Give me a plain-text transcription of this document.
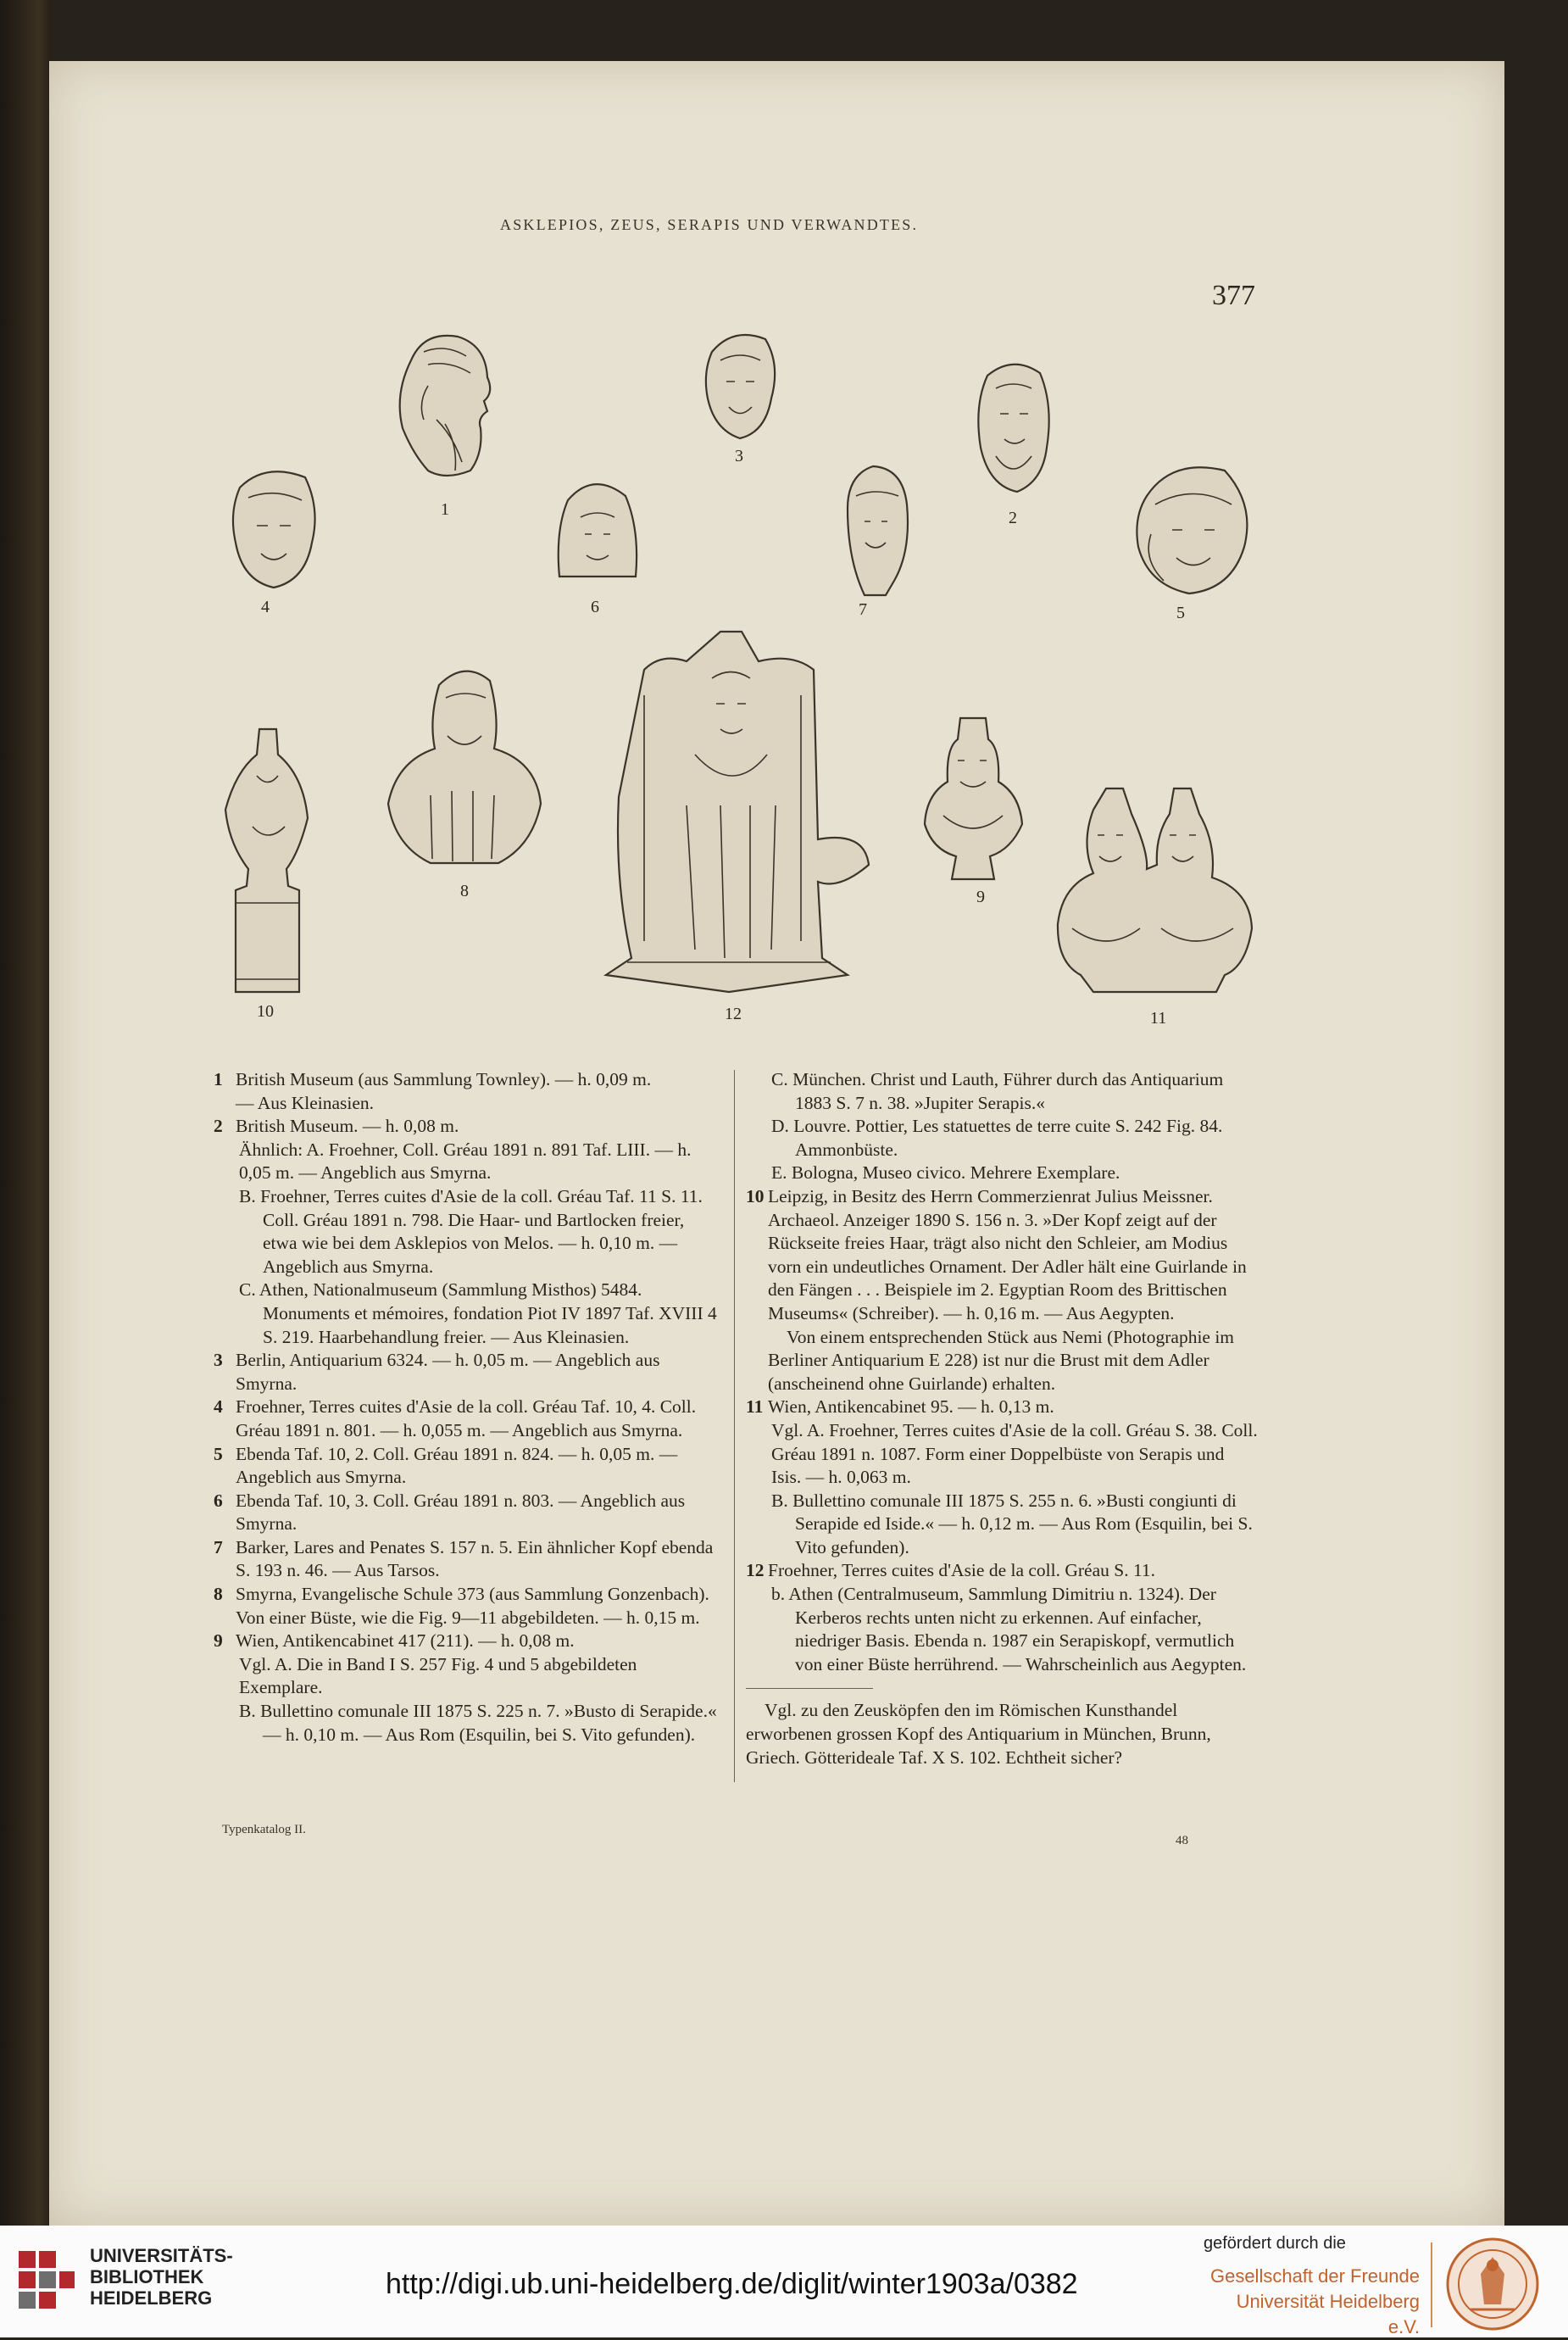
ASKLEPIOS, ZEUS, SERAPIS UND VERWANDTES.
377
1	2
3
4	5
6	7
8
10	12
9
11
1 British Museum (aus Sammlung Townley). — h. 0,09 m.
— Aus Kleinasien.
2 British Museum. — h. 0,08 m.
Ähnlich: A. Froehner, Coll. Gréau 1891 n. 891 Taf. LIII. — h. 0,05 m. — Angeblich aus Smyrna.
B. Froehner, Terres cuites d'Asie de la coll. Gréau Taf. 11 S. 11. Coll. Gréau 1891 n. 798. Die Haar- und Bartlocken freier, etwa wie bei dem Asklepios von Melos. — h. 0,10 m. — Angeblich aus Smyrna.
C. Athen, Nationalmuseum (Sammlung Misthos) 5484. Monuments et mémoires, fondation Piot IV 1897 Taf. XVIII 4 S. 219. Haarbehandlung freier. — Aus Kleinasien.
3 Berlin, Antiquarium 6324. — h. 0,05 m. — Angeblich aus Smyrna.
4 Froehner, Terres cuites d'Asie de la coll. Gréau Taf. 10, 4. Coll. Gréau 1891 n. 801. — h. 0,055 m. — Angeblich aus Smyrna.
5 Ebenda Taf. 10, 2. Coll. Gréau 1891 n. 824. — h. 0,05 m. — Angeblich aus Smyrna.
6 Ebenda Taf. 10, 3. Coll. Gréau 1891 n. 803. — Angeblich aus Smyrna.
7 Barker, Lares and Penates S. 157 n. 5. Ein ähnlicher Kopf ebenda S. 193 n. 46. — Aus Tarsos.
8 Smyrna, Evangelische Schule 373 (aus Sammlung Gonzenbach). Von einer Büste, wie die Fig. 9—11 abgebildeten. — h. 0,15 m.
9 Wien, Antikencabinet 417 (211). — h. 0,08 m.
Vgl. A. Die in Band I S. 257 Fig. 4 und 5 abgebildeten Exemplare.
B. Bullettino comunale III 1875 S. 225 n. 7. »Busto di Serapide.« — h. 0,10 m. — Aus Rom (Esquilin, bei S. Vito gefunden).
C. München. Christ und Lauth, Führer durch das Antiquarium 1883 S. 7 n. 38. »Jupiter Serapis.«
D. Louvre. Pottier, Les statuettes de terre cuite S. 242 Fig. 84. Ammonbüste.
E. Bologna, Museo civico. Mehrere Exemplare.
10 Leipzig, in Besitz des Herrn Commerzienrat Julius Meissner. Archaeol. Anzeiger 1890 S. 156 n. 3. »Der Kopf zeigt auf der Rückseite freies Haar, trägt also nicht den Schleier, am Modius vorn ein undeutliches Ornament. Der Adler hält eine Guirlande in den Fängen . . . Beispiele im 2. Egyptian Room des Brittischen Museums« (Schreiber). — h. 0,16 m. — Aus Aegypten.
Von einem entsprechenden Stück aus Nemi (Photographie im Berliner Antiquarium E 228) ist nur die Brust mit dem Adler (anscheinend ohne Guirlande) erhalten.
11 Wien, Antikencabinet 95. — h. 0,13 m.
Vgl. A. Froehner, Terres cuites d'Asie de la coll. Gréau S. 38. Coll. Gréau 1891 n. 1087. Form einer Doppelbüste von Serapis und Isis. — h. 0,063 m.
B. Bullettino comunale III 1875 S. 255 n. 6. »Busti congiunti di Serapide ed Iside.« — h. 0,12 m. — Aus Rom (Esquilin, bei S. Vito gefunden).
12 Froehner, Terres cuites d'Asie de la coll. Gréau S. 11.
b. Athen (Centralmuseum, Sammlung Dimitriu n. 1324). Der Kerberos rechts unten nicht zu erkennen. Auf einfacher, niedriger Basis. Ebenda n. 1987 ein Serapiskopf, vermutlich von einer Büste herrührend. — Wahrscheinlich aus Aegypten.
Vgl. zu den Zeusköpfen den im Römischen Kunsthandel erworbenen grossen Kopf des Antiquarium in München, Brunn, Griech. Götterideale Taf. X S. 102. Echtheit sicher?
Typenkatalog II.
48
UNIVERSITÄTS-
BIBLIOTHEK
HEIDELBERG	http://digi.ub.uni-heidelberg.de/diglit/winter1903a/0382
gefördert durch die
Gesellschaft der Freunde
Universität Heidelberg e.V.
